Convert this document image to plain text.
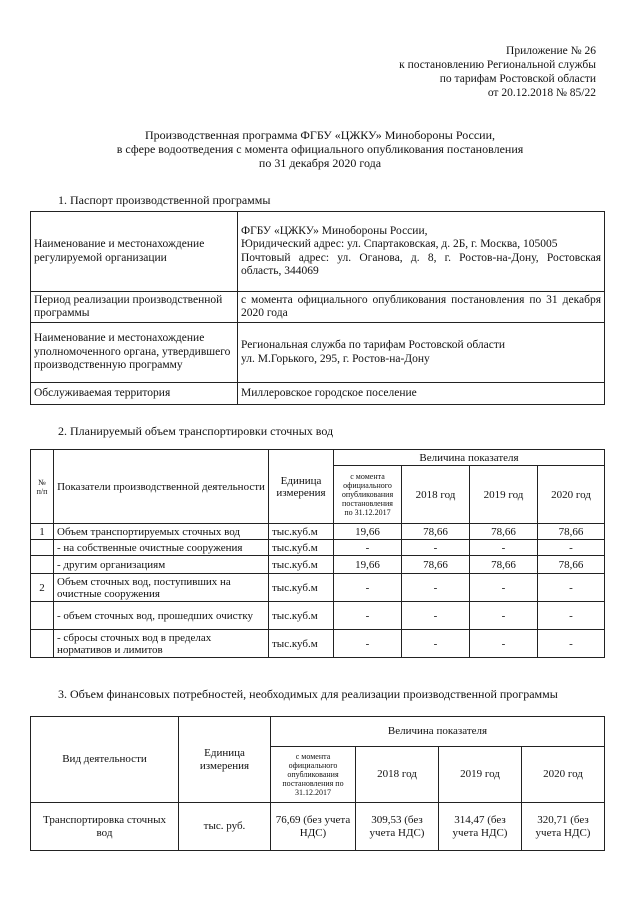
Приложение № 26
к постановлению Региональной службы
по тарифам Ростовской области
от 20.12.2018 № 85/22
Производственная программа ФГБУ «ЦЖКУ» Минобороны России,
в сфере водоотведения с момента официального опубликования постановления
по 31 декабря 2020 года
1. Паспорт производственной программы
Наименование и местонахождение регулируемой организации	ФГБУ «ЦЖКУ» Минобороны России,
Юридический адрес: ул. Спартаковская, д. 2Б, г. Москва, 105005
Почтовый адрес: ул. Оганова, д. 8, г. Ростов-на-Дону, Ростовская область, 344069

Период реализации производственной программы	с момента официального опубликования постановления по 31 декабря 2020 года
Наименование и местонахождение уполномоченного органа, утвердившего производственную программу	Региональная служба по тарифам Ростовской области
ул. М.Горького, 295, г. Ростов-на-Дону

Обслуживаемая территория	Миллеровское городское поселение
2. Планируемый объем транспортировки сточных вод
№ п/п	Показатели производственной деятельности	Единица измерения	Величина показателя			
			с момента официального опубликования постановления по 31.12.2017	2018 год	2019 год	2020 год
1	Объем транспортируемых сточных вод	тыс.куб.м	19,66	78,66	78,66	78,66
	- на собственные очистные сооружения	тыс.куб.м	-	-	-	-
	- другим организациям	тыс.куб.м	19,66	78,66	78,66	78,66
2	Объем сточных вод, поступивших на очистные сооружения	тыс.куб.м	-	-	-	-
	- объем сточных вод, прошедших очистку	тыс.куб.м	-	-	-	-
	- сбросы сточных вод в пределах нормативов и лимитов	тыс.куб.м	-	-	-	-
3. Объем финансовых потребностей, необходимых для реализации производственной программы
Вид деятельности	Единица измерения	Величина показателя			
		с момента официального опубликования постановления по 31.12.2017	2018 год	2019 год	2020 год
Транспортировка сточных вод	тыс. руб.	76,69 (без учета НДС)	309,53 (без учета НДС)	314,47 (без учета НДС)	320,71 (без учета НДС)
